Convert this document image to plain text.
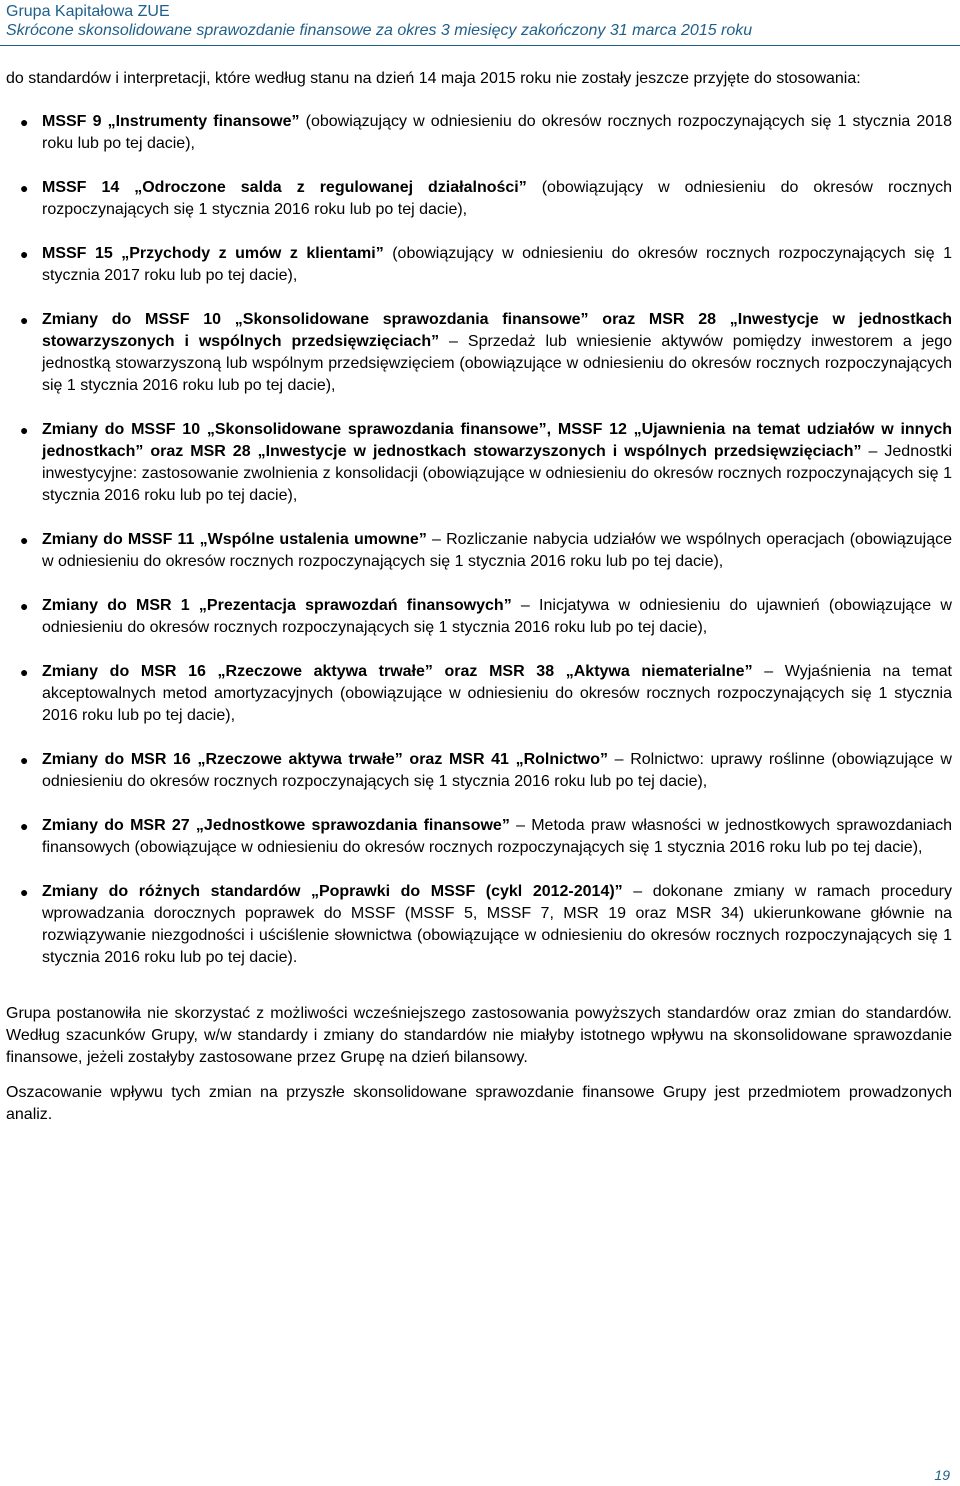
Grupa Kapitałowa ZUE
Skrócone skonsolidowane sprawozdanie finansowe za okres 3 miesięcy zakończony 31 marca 2015 roku

do standardów i interpretacji, które według stanu na dzień 14 maja 2015 roku nie zostały jeszcze przyjęte do stosowania:

● MSSF 9 „Instrumenty finansowe” (obowiązujący w odniesieniu do okresów rocznych rozpoczynających się 1 stycznia 2018 roku lub po tej dacie),
● MSSF 14 „Odroczone salda z regulowanej działalności” (obowiązujący w odniesieniu do okresów rocznych rozpoczynających się 1 stycznia 2016 roku lub po tej dacie),
● MSSF 15 „Przychody z umów z klientami” (obowiązujący w odniesieniu do okresów rocznych rozpoczynających się 1 stycznia 2017 roku lub po tej dacie),
● Zmiany do MSSF 10 „Skonsolidowane sprawozdania finansowe” oraz MSR 28 „Inwestycje w jednostkach stowarzyszonych i wspólnych przedsięwzięciach” – Sprzedaż lub wniesienie aktywów pomiędzy inwestorem a jego jednostką stowarzyszoną lub wspólnym przedsięwzięciem (obowiązujące w odniesieniu do okresów rocznych rozpoczynających się 1 stycznia 2016 roku lub po tej dacie),
● Zmiany do MSSF 10 „Skonsolidowane sprawozdania finansowe”, MSSF 12 „Ujawnienia na temat udziałów w innych jednostkach” oraz MSR 28 „Inwestycje w jednostkach stowarzyszonych i wspólnych przedsięwzięciach” – Jednostki inwestycyjne: zastosowanie zwolnienia z konsolidacji (obowiązujące w odniesieniu do okresów rocznych rozpoczynających się 1 stycznia 2016 roku lub po tej dacie),
● Zmiany do MSSF 11 „Wspólne ustalenia umowne” – Rozliczanie nabycia udziałów we wspólnych operacjach (obowiązujące w odniesieniu do okresów rocznych rozpoczynających się 1 stycznia 2016 roku lub po tej dacie),
● Zmiany do MSR 1 „Prezentacja sprawozdań finansowych” – Inicjatywa w odniesieniu do ujawnień (obowiązujące w odniesieniu do okresów rocznych rozpoczynających się 1 stycznia 2016 roku lub po tej dacie),
● Zmiany do MSR 16 „Rzeczowe aktywa trwałe” oraz MSR 38 „Aktywa niematerialne” – Wyjaśnienia na temat akceptowalnych metod amortyzacyjnych (obowiązujące w odniesieniu do okresów rocznych rozpoczynających się 1 stycznia 2016 roku lub po tej dacie),
● Zmiany do MSR 16 „Rzeczowe aktywa trwałe” oraz MSR 41 „Rolnictwo” – Rolnictwo: uprawy roślinne (obowiązujące w odniesieniu do okresów rocznych rozpoczynających się 1 stycznia 2016 roku lub po tej dacie),
● Zmiany do MSR 27 „Jednostkowe sprawozdania finansowe” – Metoda praw własności w jednostkowych sprawozdaniach finansowych (obowiązujące w odniesieniu do okresów rocznych rozpoczynających się 1 stycznia 2016 roku lub po tej dacie),
● Zmiany do różnych standardów „Poprawki do MSSF (cykl 2012-2014)” – dokonane zmiany w ramach procedury wprowadzania dorocznych poprawek do MSSF (MSSF 5, MSSF 7, MSR 19 oraz MSR 34) ukierunkowane głównie na rozwiązywanie niezgodności i uściślenie słownictwa (obowiązujące w odniesieniu do okresów rocznych rozpoczynających się 1 stycznia 2016 roku lub po tej dacie).

Grupa postanowiła nie skorzystać z możliwości wcześniejszego zastosowania powyższych standardów oraz zmian do standardów. Według szacunków Grupy, w/w standardy i zmiany do standardów nie miałyby istotnego wpływu na skonsolidowane sprawozdanie finansowe, jeżeli zostałyby zastosowane przez Grupę na dzień bilansowy.

Oszacowanie wpływu tych zmian na przyszłe skonsolidowane sprawozdanie finansowe Grupy jest przedmiotem prowadzonych analiz.

19
